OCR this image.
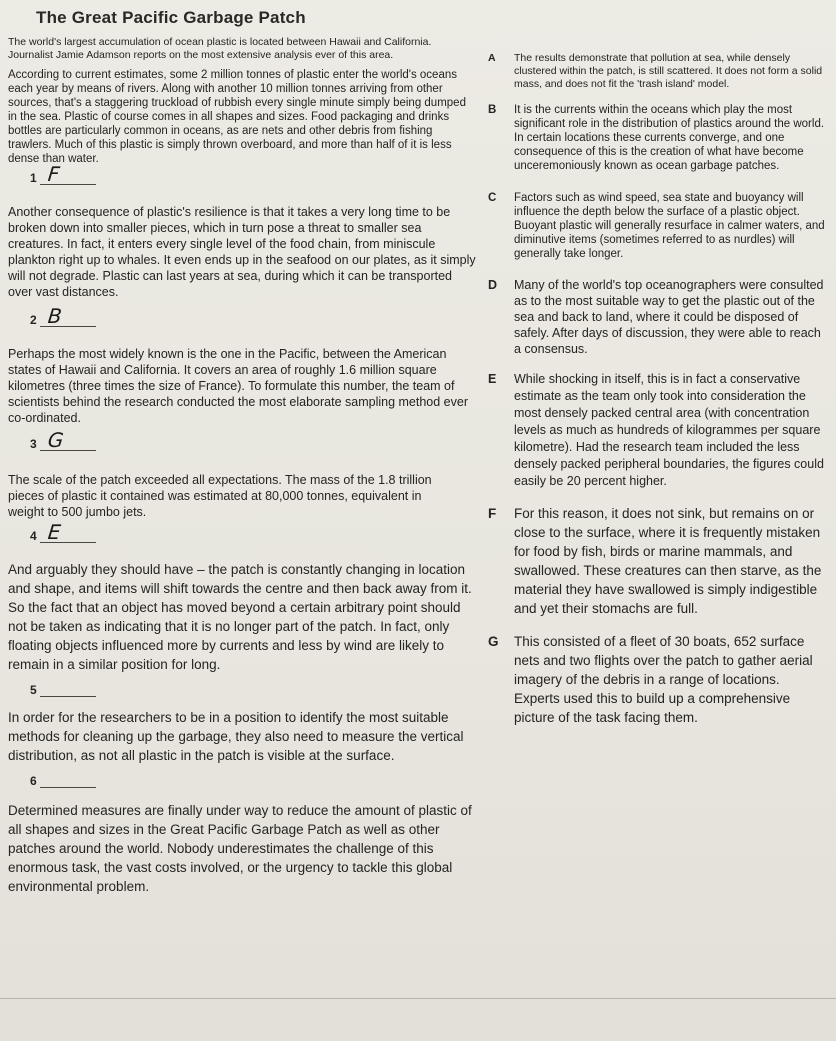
The Great Pacific Garbage Patch

The world's largest accumulation of ocean plastic is located between Hawaii and California. Journalist Jamie Adamson reports on the most extensive analysis ever of this area.

According to current estimates, some 2 million tonnes of plastic enter the world's oceans each year by means of rivers. Along with another 10 million tonnes arriving from other sources, that's a staggering truckload of rubbish every single minute simply being dumped in the sea. Plastic of course comes in all shapes and sizes. Food packaging and drinks bottles are particularly common in oceans, as are nets and other debris from fishing trawlers. Much of this plastic is simply thrown overboard, and more than half of it is less dense than water.

1 F

Another consequence of plastic's resilience is that it takes a very long time to be broken down into smaller pieces, which in turn pose a threat to smaller sea creatures. In fact, it enters every single level of the food chain, from miniscule plankton right up to whales. It even ends up in the seafood on our plates, as it simply will not degrade. Plastic can last years at sea, during which it can be transported over vast distances.

2 B

Perhaps the most widely known is the one in the Pacific, between the American states of Hawaii and California. It covers an area of roughly 1.6 million square kilometres (three times the size of France). To formulate this number, the team of scientists behind the research conducted the most elaborate sampling method ever co-ordinated.

3 G

The scale of the patch exceeded all expectations. The mass of the 1.8 trillion pieces of plastic it contained was estimated at 80,000 tonnes, equivalent in weight to 500 jumbo jets.

4 E

And arguably they should have – the patch is constantly changing in location and shape, and items will shift towards the centre and then back away from it. So the fact that an object has moved beyond a certain arbitrary point should not be taken as indicating that it is no longer part of the patch. In fact, only floating objects influenced more by currents and less by wind are likely to remain in a similar position for long.

5

In order for the researchers to be in a position to identify the most suitable methods for cleaning up the garbage, they also need to measure the vertical distribution, as not all plastic in the patch is visible at the surface.

6

Determined measures are finally under way to reduce the amount of plastic of all shapes and sizes in the Great Pacific Garbage Patch as well as other patches around the world. Nobody underestimates the challenge of this enormous task, the vast costs involved, or the urgency to tackle this global environmental problem.

A The results demonstrate that pollution at sea, while densely clustered within the patch, is still scattered. It does not form a solid mass, and does not fit the 'trash island' model.
B It is the currents within the oceans which play the most significant role in the distribution of plastics around the world. In certain locations these currents converge, and one consequence of this is the creation of what have become unceremoniously known as ocean garbage patches.
C Factors such as wind speed, sea state and buoyancy will influence the depth below the surface of a plastic object. Buoyant plastic will generally resurface in calmer waters, and diminutive items (sometimes referred to as nurdles) will generally take longer.
D Many of the world's top oceanographers were consulted as to the most suitable way to get the plastic out of the sea and back to land, where it could be disposed of safely. After days of discussion, they were able to reach a consensus.
E While shocking in itself, this is in fact a conservative estimate as the team only took into consideration the most densely packed central area (with concentration levels as much as hundreds of kilogrammes per square kilometre). Had the research team included the less densely packed peripheral boundaries, the figures could easily be 20 percent higher.
F For this reason, it does not sink, but remains on or close to the surface, where it is frequently mistaken for food by fish, birds or marine mammals, and swallowed. These creatures can then starve, as the material they have swallowed is simply indigestible and yet their stomachs are full.
G This consisted of a fleet of 30 boats, 652 surface nets and two flights over the patch to gather aerial imagery of the debris in a range of locations. Experts used this to build up a comprehensive picture of the task facing them.
